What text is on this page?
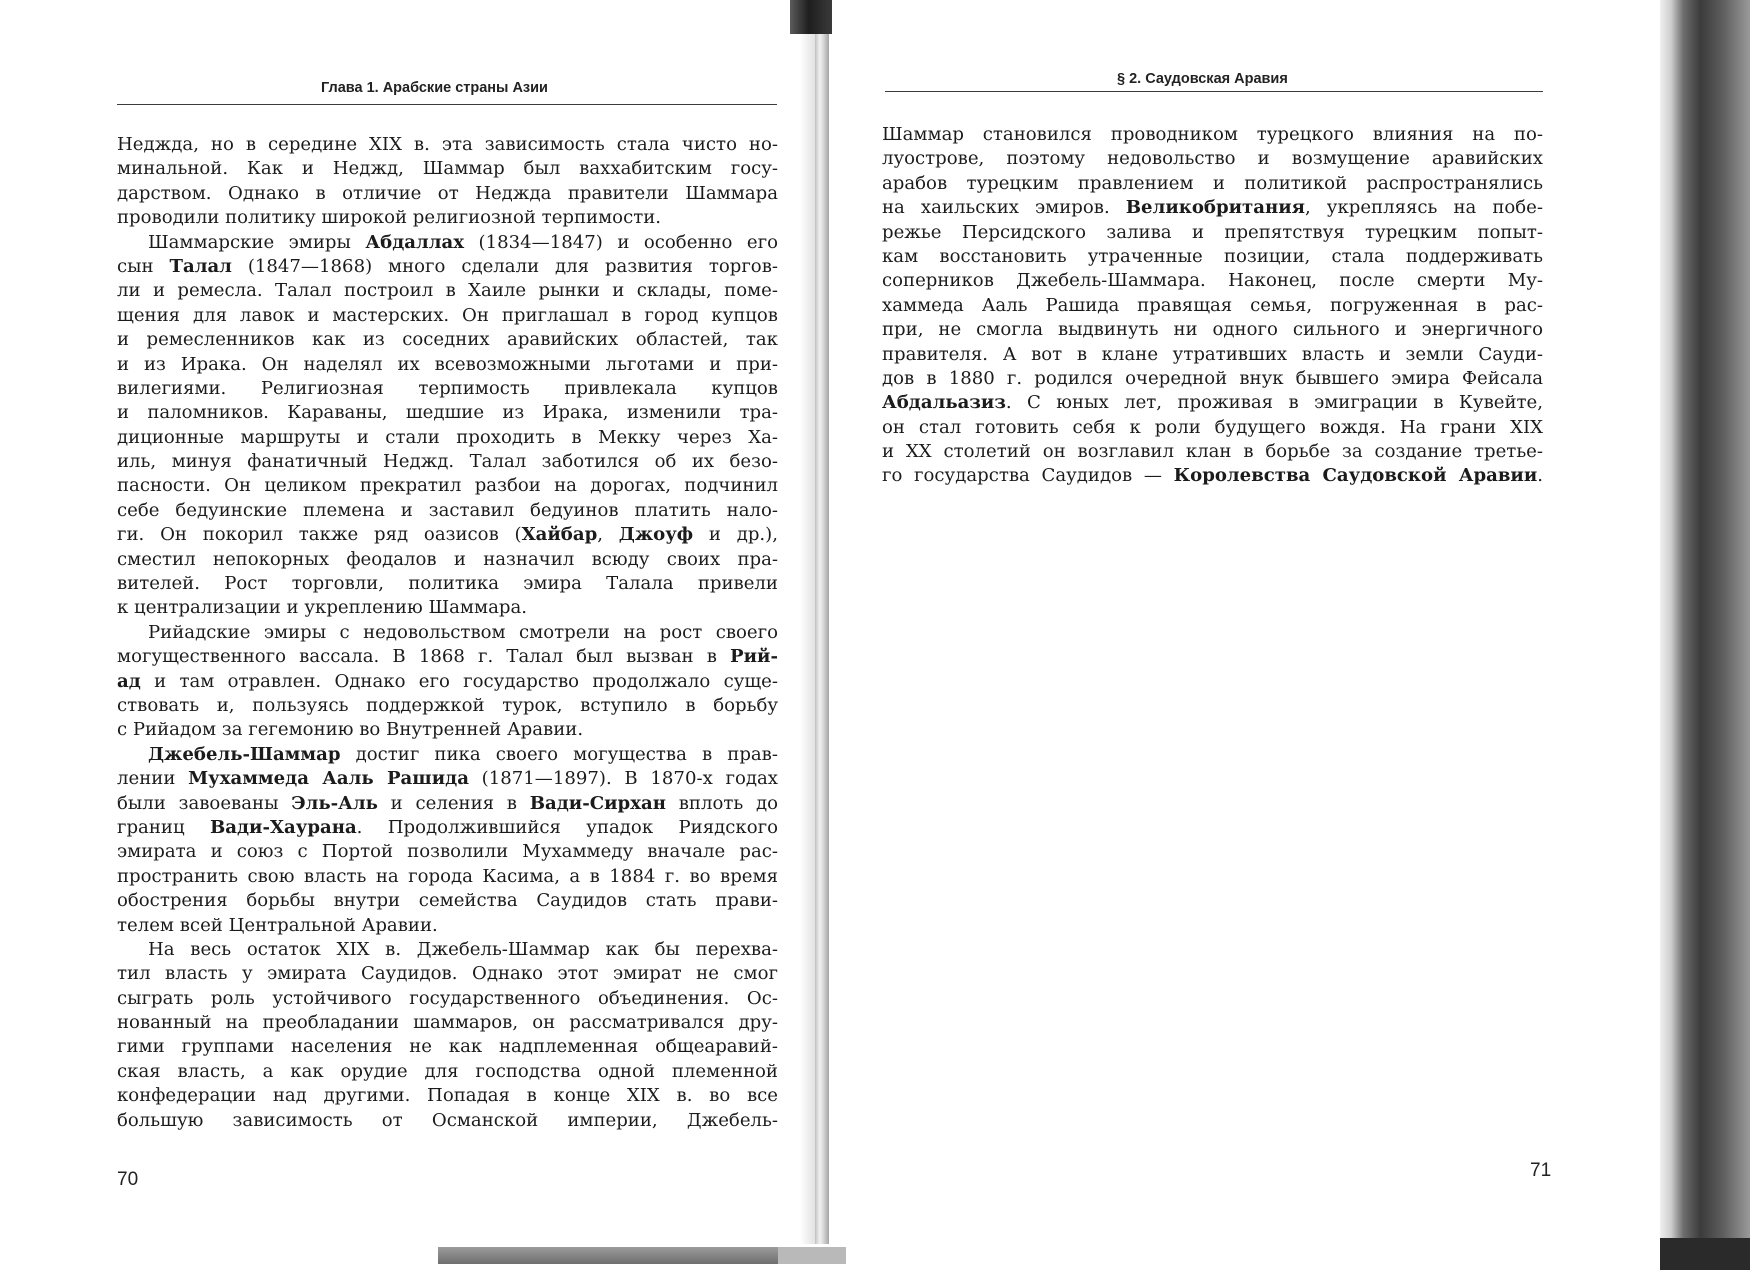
Глава 1. Арабские страны Азии
Неджда, но в середине XIX в. эта зависимость стала чисто но-
минальной. Как и Неджд, Шаммар был ваххабитским госу-
дарством. Однако в отличие от Неджда правители Шаммара
проводили политику широкой религиозной терпимости.
Шаммарские эмиры Абдаллах (1834—1847) и особенно его
сын Талал (1847—1868) много сделали для развития торгов-
ли и ремесла. Талал построил в Хаиле рынки и склады, поме-
щения для лавок и мастерских. Он приглашал в город купцов
и ремесленников как из соседних аравийских областей, так
и из Ирака. Он наделял их всевозможными льготами и при-
вилегиями. Религиозная терпимость привлекала купцов
и паломников. Караваны, шедшие из Ирака, изменили тра-
диционные маршруты и стали проходить в Мекку через Ха-
иль, минуя фанатичный Неджд. Талал заботился об их безо-
пасности. Он целиком прекратил разбои на дорогах, подчинил
себе бедуинские племена и заставил бедуинов платить нало-
ги. Он покорил также ряд оазисов (Хайбар, Джоуф и др.),
сместил непокорных феодалов и назначил всюду своих пра-
вителей. Рост торговли, политика эмира Талала привели
к централизации и укреплению Шаммара.
Рийадские эмиры с недовольством смотрели на рост своего
могущественного вассала. В 1868 г. Талал был вызван в Рий-
ад и там отравлен. Однако его государство продолжало суще-
ствовать и, пользуясь поддержкой турок, вступило в борьбу
с Рийадом за гегемонию во Внутренней Аравии.
Джебель-Шаммар достиг пика своего могущества в прав-
лении Мухаммеда Ааль Рашида (1871—1897). В 1870-х годах
были завоеваны Эль-Аль и селения в Вади-Сирхан вплоть до
границ Вади-Хаурана. Продолжившийся упадок Риядского
эмирата и союз с Портой позволили Мухаммеду вначале рас-
пространить свою власть на города Касима, а в 1884 г. во время
обострения борьбы внутри семейства Саудидов стать прави-
телем всей Центральной Аравии.
На весь остаток XIX в. Джебель-Шаммар как бы перехва-
тил власть у эмирата Саудидов. Однако этот эмират не смог
сыграть роль устойчивого государственного объединения. Ос-
нованный на преобладании шаммаров, он рассматривался дру-
гими группами населения не как надплеменная общеаравий-
ская власть, а как орудие для господства одной племенной
конфедерации над другими. Попадая в конце XIX в. во все
большую зависимость от Османской империи, Джебель-
70
§ 2. Саудовская Аравия
Шаммар становился проводником турецкого влияния на по-
луострове, поэтому недовольство и возмущение аравийских
арабов турецким правлением и политикой распространялись
на хаильских эмиров. Великобритания, укрепляясь на побе-
режье Персидского залива и препятствуя турецким попыт-
кам восстановить утраченные позиции, стала поддерживать
соперников Джебель-Шаммара. Наконец, после смерти Му-
хаммеда Ааль Рашида правящая семья, погруженная в рас-
при, не смогла выдвинуть ни одного сильного и энергичного
правителя. А вот в клане утративших власть и земли Сауди-
дов в 1880 г. родился очередной внук бывшего эмира Фейсала
Абдальазиз. С юных лет, проживая в эмиграции в Кувейте,
он стал готовить себя к роли будущего вождя. На грани XIX
и XX столетий он возглавил клан в борьбе за создание третье-
го государства Саудидов — Королевства Саудовской Аравии.
71
